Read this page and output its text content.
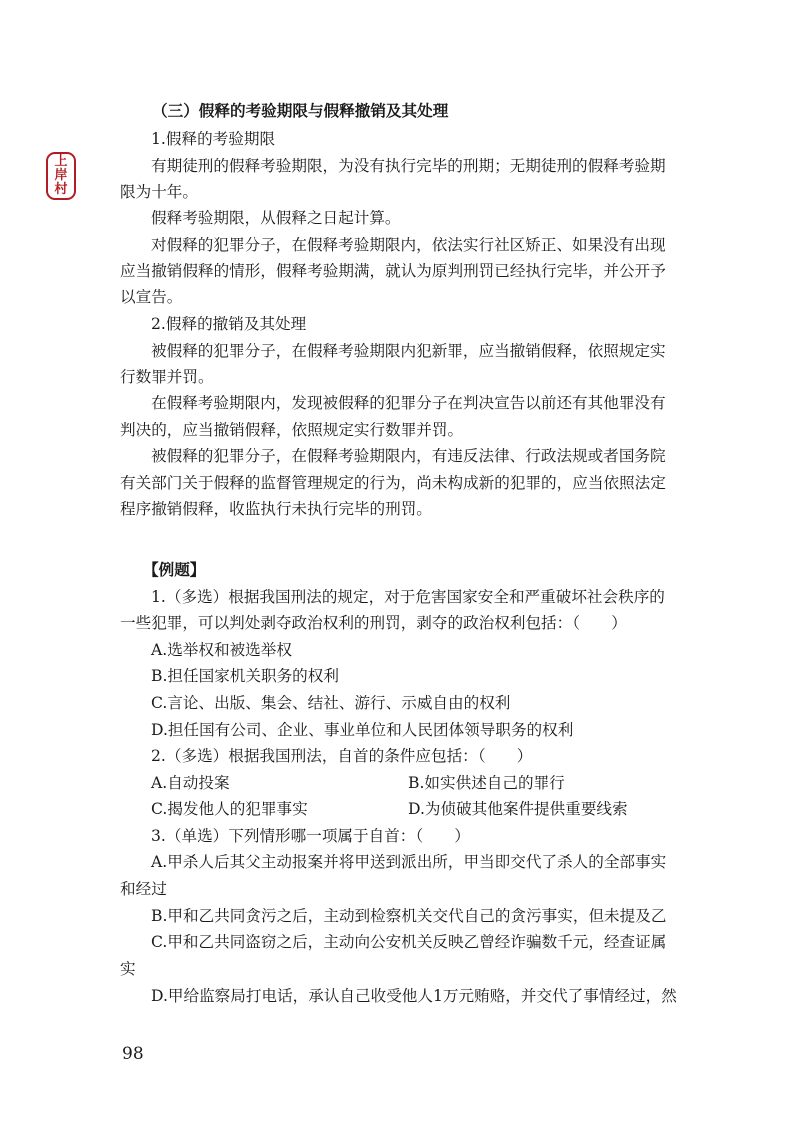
上
岸
村
（三）假释的考验期限与假释撤销及其处理
1.假释的考验期限
有期徒刑的假释考验期限，为没有执行完毕的刑期；无期徒刑的假释考验期
限为十年。
假释考验期限，从假释之日起计算。
对假释的犯罪分子，在假释考验期限内，依法实行社区矫正、如果没有出现
应当撤销假释的情形，假释考验期满，就认为原判刑罚已经执行完毕，并公开予
以宣告。
2.假释的撤销及其处理
被假释的犯罪分子，在假释考验期限内犯新罪，应当撤销假释，依照规定实
行数罪并罚。
在假释考验期限内，发现被假释的犯罪分子在判决宣告以前还有其他罪没有
判决的，应当撤销假释，依照规定实行数罪并罚。
被假释的犯罪分子，在假释考验期限内，有违反法律、行政法规或者国务院
有关部门关于假释的监督管理规定的行为，尚未构成新的犯罪的，应当依照法定
程序撤销假释，收监执行未执行完毕的刑罚。
【例题】
1.（多选）根据我国刑法的规定，对于危害国家安全和严重破坏社会秩序的
一些犯罪，可以判处剥夺政治权利的刑罚，剥夺的政治权利包括：（　　）
A.选举权和被选举权
B.担任国家机关职务的权利
C.言论、出版、集会、结社、游行、示威自由的权利
D.担任国有公司、企业、事业单位和人民团体领导职务的权利
2.（多选）根据我国刑法，自首的条件应包括：（　　）
A.自动投案	B.如实供述自己的罪行
C.揭发他人的犯罪事实	D.为侦破其他案件提供重要线索
3.（单选）下列情形哪一项属于自首：（　　）
A.甲杀人后其父主动报案并将甲送到派出所，甲当即交代了杀人的全部事实
和经过
B.甲和乙共同贪污之后，主动到检察机关交代自己的贪污事实，但未提及乙
C.甲和乙共同盗窃之后，主动向公安机关反映乙曾经诈骗数千元，经查证属
实
D.甲给监察局打电话，承认自己收受他人1万元贿赂，并交代了事情经过，然
98
